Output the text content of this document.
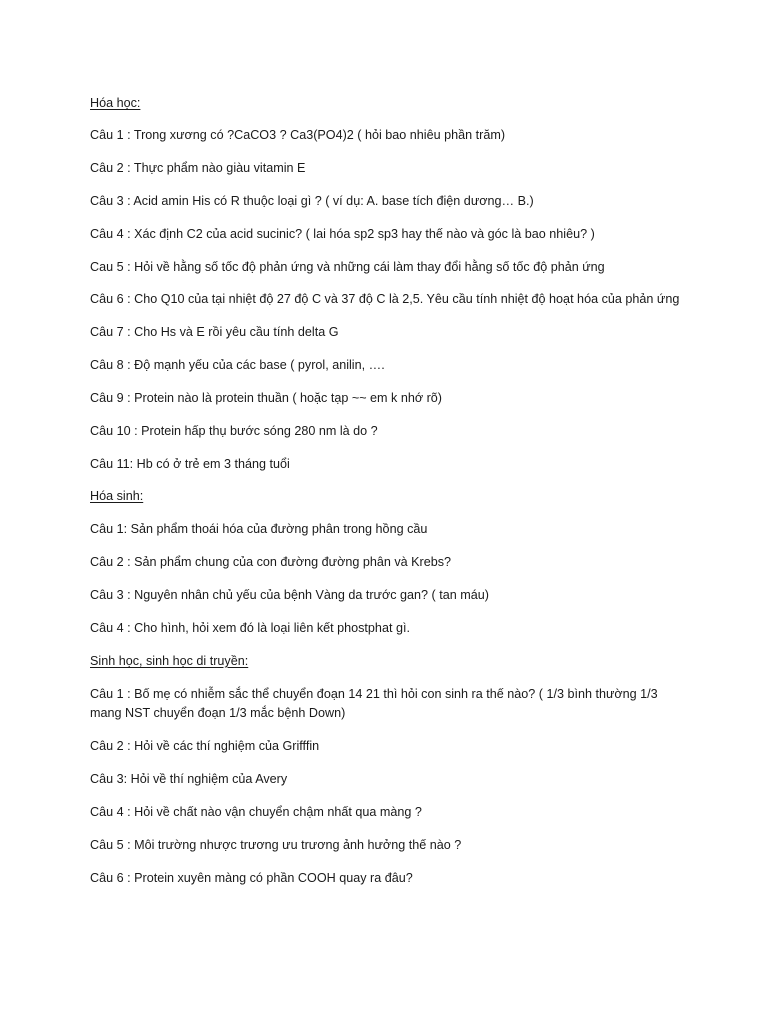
Hóa học:
Câu 1 : Trong xương có ?CaCO3 ? Ca3(PO4)2 ( hỏi bao nhiêu phần trăm)
Câu 2 : Thực phẩm nào giàu vitamin E
Câu 3 : Acid amin His có R thuộc loại gì ? ( ví dụ: A. base tích điện dương… B.)
Câu 4 : Xác định C2 của acid sucinic? ( lai hóa sp2 sp3 hay thế nào và góc là bao nhiêu? )
Cau 5 : Hỏi về hằng số tốc độ phản ứng và những cái làm thay đổi hằng số tốc độ phản ứng
Câu 6 : Cho Q10 của tại nhiệt độ 27 độ C và 37 độ C là 2,5. Yêu cầu tính nhiệt độ hoạt hóa của phản ứng
Câu 7 : Cho Hs và E rồi yêu cầu tính delta G
Câu 8 : Độ mạnh yếu của các base ( pyrol, anilin, ….
Câu 9 : Protein nào là protein thuần ( hoặc tạp ~~ em k nhớ rõ)
Câu 10 : Protein hấp thụ bước sóng 280 nm là do ?
Câu 11: Hb có ở trẻ em 3 tháng tuổi
Hóa sinh:
Câu 1: Sản phẩm thoái hóa của đường phân trong hồng cầu
Câu 2 : Sản phẩm chung của con đường đường phân và Krebs?
Câu 3 : Nguyên nhân chủ yếu của bệnh Vàng da trước gan? ( tan máu)
Câu 4 : Cho hình, hỏi xem đó là loại liên kết phostphat gì.
Sinh học, sinh học di truyền:
Câu 1 : Bố mẹ có nhiễm sắc thể chuyển đoạn 14 21 thì hỏi con sinh ra thế nào? ( 1/3 bình thường 1/3 mang NST chuyển đoạn 1/3 mắc bệnh Down)
Câu 2 : Hỏi về các thí nghiệm của Grifffin
Câu 3: Hỏi về thí nghiệm của Avery
Câu 4 : Hỏi về chất nào vận chuyển chậm nhất qua màng ?
Câu 5 : Môi trường nhược trương ưu trương ảnh hưởng thế nào ?
Câu 6 : Protein xuyên màng có phần COOH quay ra đâu?
